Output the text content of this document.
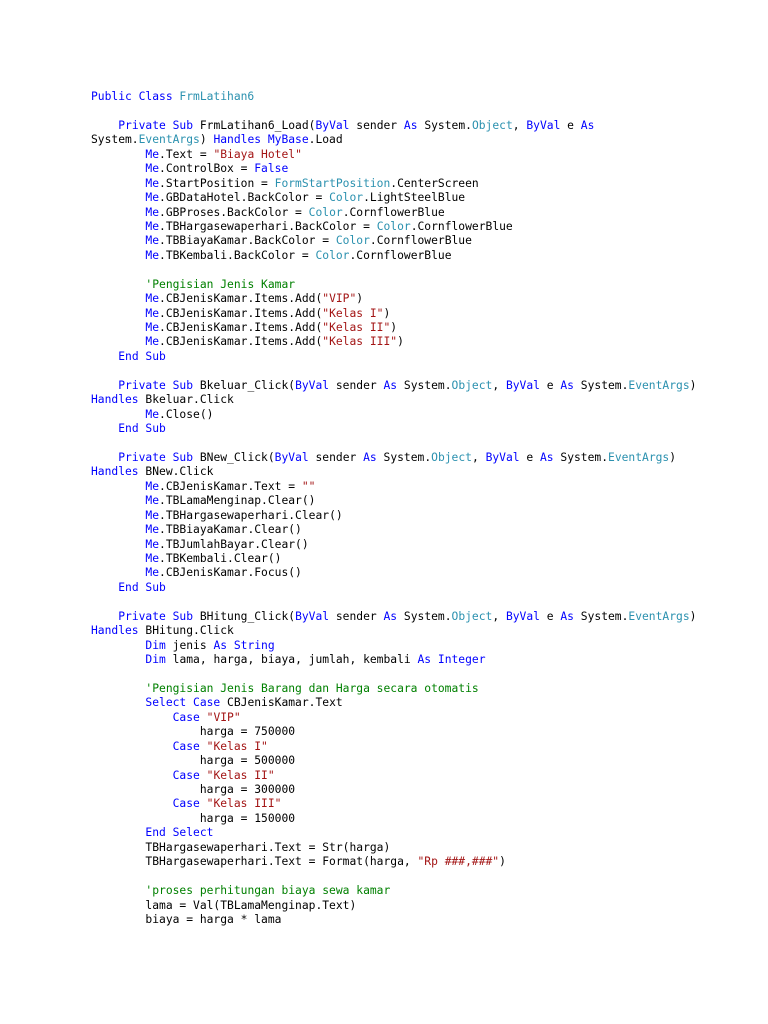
Public Class FrmLatihan6
Private Sub FrmLatihan6_Load(ByVal sender As System.Object, ByVal e As
System.EventArgs) Handles MyBase.Load
Me.Text = "Biaya Hotel"
Me.ControlBox = False
Me.StartPosition = FormStartPosition.CenterScreen
Me.GBDataHotel.BackColor = Color.LightSteelBlue
Me.GBProses.BackColor = Color.CornflowerBlue
Me.TBHargasewaperhari.BackColor = Color.CornflowerBlue
Me.TBBiayaKamar.BackColor = Color.CornflowerBlue
Me.TBKembali.BackColor = Color.CornflowerBlue
'Pengisian Jenis Kamar
Me.CBJenisKamar.Items.Add("VIP")
Me.CBJenisKamar.Items.Add("Kelas I")
Me.CBJenisKamar.Items.Add("Kelas II")
Me.CBJenisKamar.Items.Add("Kelas III")
End Sub
Private Sub Bkeluar_Click(ByVal sender As System.Object, ByVal e As System.EventArgs)
Handles Bkeluar.Click
Me.Close()
End Sub
Private Sub BNew_Click(ByVal sender As System.Object, ByVal e As System.EventArgs)
Handles BNew.Click
Me.CBJenisKamar.Text = ""
Me.TBLamaMenginap.Clear()
Me.TBHargasewaperhari.Clear()
Me.TBBiayaKamar.Clear()
Me.TBJumlahBayar.Clear()
Me.TBKembali.Clear()
Me.CBJenisKamar.Focus()
End Sub
Private Sub BHitung_Click(ByVal sender As System.Object, ByVal e As System.EventArgs)
Handles BHitung.Click
Dim jenis As String
Dim lama, harga, biaya, jumlah, kembali As Integer
'Pengisian Jenis Barang dan Harga secara otomatis
Select Case CBJenisKamar.Text
Case "VIP"
harga = 750000
Case "Kelas I"
harga = 500000
Case "Kelas II"
harga = 300000
Case "Kelas III"
harga = 150000
End Select
TBHargasewaperhari.Text = Str(harga)
TBHargasewaperhari.Text = Format(harga, "Rp ###,###")
'proses perhitungan biaya sewa kamar
lama = Val(TBLamaMenginap.Text)
biaya = harga * lama
